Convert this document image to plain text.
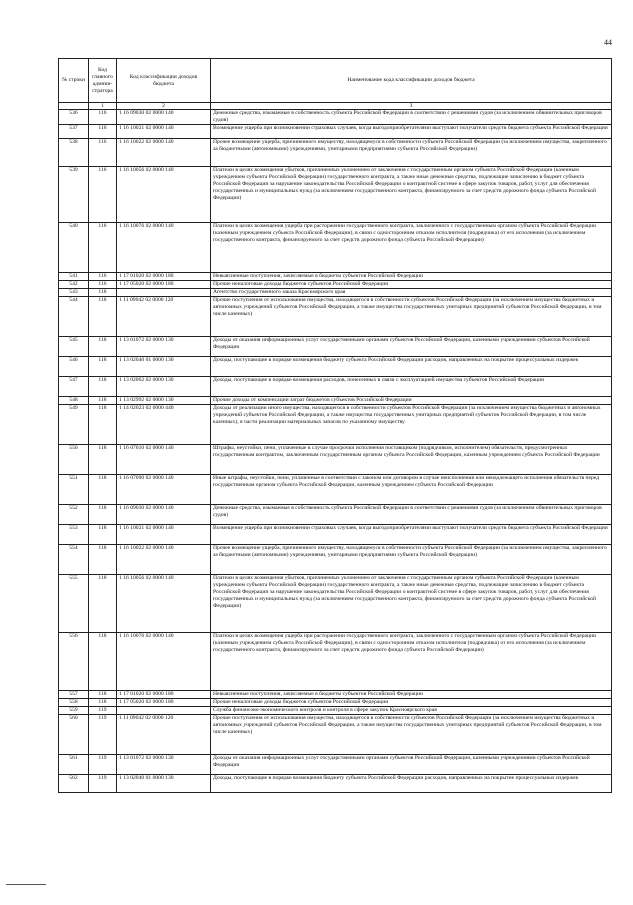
44
№ строки	Код главного админи-стратора	Код классификации доходов бюджета	Наименование кода классификации доходов бюджета
	1	2	3
536	116	1 16 09030 02 0000 140	Денежные средства, изымаемые в собственность субъекта Российской Федерации в соответствии с решениями судов (за исключением обвинительных приговоров судов)
537	116	1 16 10021 02 0000 140	Возмещение ущерба при возникновении страховых случаев, когда выгодоприобретателями выступают получатели средств бюджета субъекта Российской Федерации
538	116	1 16 10022 02 0000 140	Прочее возмещение ущерба, причиненного имуществу, находящемуся в собственности субъекта Российской Федерации (за исключением имущества, закрепленного за бюджетными (автономными) учреждениями, унитарными предприятиями субъекта Российской Федерации)
539	116	1 16 10056 02 0000 140	Платежи в целях возмещения убытков, причиненных уклонением от заключения с государственным органом субъекта Российской Федерации (казенным учреждением субъекта Российской Федерации) государственного контракта, а также иные денежные средства, подлежащие зачислению в бюджет субъекта Российской Федерации за нарушение законодательства Российской Федерации о контрактной системе в сфере закупок товаров, работ, услуг для обеспечения государственных и муниципальных нужд (за исключением государственного контракта, финансируемого за счет средств дорожного фонда субъекта Российской Федерации)
540	116	1 16 10076 02 0000 140	Платежи в целях возмещения ущерба при расторжении государственного контракта, заключенного с государственным органом субъекта Российской Федерации (казенным учреждением субъекта Российской Федерации), в связи с односторонним отказом исполнителя (подрядчика) от его исполнения (за исключением государственного контракта, финансируемого за счет средств дорожного фонда субъекта Российской Федерации)
541	116	1 17 01020 02 0000 180	Невыясненные поступления, зачисляемые в бюджеты субъектов Российской Федерации
542	116	1 17 05020 02 0000 180	Прочие неналоговые доходы бюджетов субъектов Российской Федерации
543	118		Агентство государственного заказа Красноярского края
544	118	1 11 09042 02 0000 120	Прочие поступления от использования имущества, находящегося в собственности субъектов Российской Федерации (за исключением имущества бюджетных и автономных учреждений субъектов Российской Федерации, а также имущества государственных унитарных предприятий субъектов Российской Федерации, в том числе казенных)
545	118	1 13 01072 02 0000 130	Доходы от оказания информационных услуг государственными органами субъектов Российской Федерации, казенными учреждениями субъектов Российской Федерации
546	118	1 13 02040 01 0000 130	Доходы, поступающие в порядке возмещения бюджету субъекта Российской Федерации расходов, направленных на покрытие процессуальных издержек
547	118	1 13 02062 02 0000 130	Доходы, поступающие в порядке возмещения расходов, понесенных в связи с эксплуатацией имущества субъектов Российской Федерации
548	118	1 13 02992 02 0000 130	Прочие доходы от компенсации затрат бюджетов субъектов Российской Федерации
549	118	1 14 02023 02 0000 440	Доходы от реализации иного имущества, находящегося в собственности субъектов Российской Федерации (за исключением имущества бюджетных и автономных учреждений субъектов Российской Федерации, а также имущества государственных унитарных предприятий субъектов Российской Федерации, в том числе казенных), в части реализации материальных запасов по указанному имуществу
550	118	1 16 07010 02 0000 140	Штрафы, неустойки, пени, уплаченные в случае просрочки исполнения поставщиком (подрядчиком, исполнителем) обязательств, предусмотренных государственным контрактом, заключенным государственным органом субъекта Российской Федерации, казенным учреждением субъекта Российской Федерации
551	118	1 16 07090 02 0000 140	Иные штрафы, неустойки, пени, уплаченные в соответствии с законом или договором в случае неисполнения или ненадлежащего исполнения обязательств перед государственным органом субъекта Российской Федерации, казенным учреждением субъекта Российской Федерации
552	118	1 16 09030 02 0000 140	Денежные средства, изымаемые в собственность субъекта Российской Федерации в соответствии с решениями судов (за исключением обвинительных приговоров судов)
553	118	1 16 10021 02 0000 140	Возмещение ущерба при возникновении страховых случаев, когда выгодоприобретателями выступают получатели средств бюджета субъекта Российской Федерации
554	118	1 16 10022 02 0000 140	Прочее возмещение ущерба, причиненного имуществу, находящемуся в собственности субъекта Российской Федерации (за исключением имущества, закрепленного за бюджетными (автономными) учреждениями, унитарными предприятиями субъекта Российской Федерации)
555	118	1 16 10056 02 0000 140	Платежи в целях возмещения убытков, причиненных уклонением от заключения с государственным органом субъекта Российской Федерации (казенным учреждением субъекта Российской Федерации) государственного контракта, а также иные денежные средства, подлежащие зачислению в бюджет субъекта Российской Федерации за нарушение законодательства Российской Федерации о контрактной системе в сфере закупок товаров, работ, услуг для обеспечения государственных и муниципальных нужд (за исключением государственного контракта, финансируемого за счет средств дорожного фонда субъекта Российской Федерации)
556	118	1 16 10076 02 0000 140	Платежи в целях возмещения ущерба при расторжении государственного контракта, заключенного с государственным органом субъекта Российской Федерации (казенным учреждением субъекта Российской Федерации), в связи с односторонним отказом исполнителя (подрядчика) от его исполнения (за исключением государственного контракта, финансируемого за счет средств дорожного фонда субъекта Российской Федерации)
557	118	1 17 01020 02 0000 180	Невыясненные поступления, зачисляемые в бюджеты субъектов Российской Федерации
558	118	1 17 05020 02 0000 180	Прочие неналоговые доходы бюджетов субъектов Российской Федерации
559	119		Служба финансово-экономического контроля и контроля в сфере закупок Красноярского края
560	119	1 11 09042 02 0000 120	Прочие поступления от использования имущества, находящегося в собственности субъектов Российской Федерации (за исключением имущества бюджетных и автономных учреждений субъектов Российской Федерации, а также имущества государственных унитарных предприятий субъектов Российской Федерации, в том числе казенных)
561	119	1 13 01072 02 0000 130	Доходы от оказания информационных услуг государственными органами субъектов Российской Федерации, казенными учреждениями субъектов Российской Федерации
562	119	1 13 02040 01 0000 130	Доходы, поступающие в порядке возмещения бюджету субъекта Российской Федерации расходов, направленных на покрытие процессуальных издержек
